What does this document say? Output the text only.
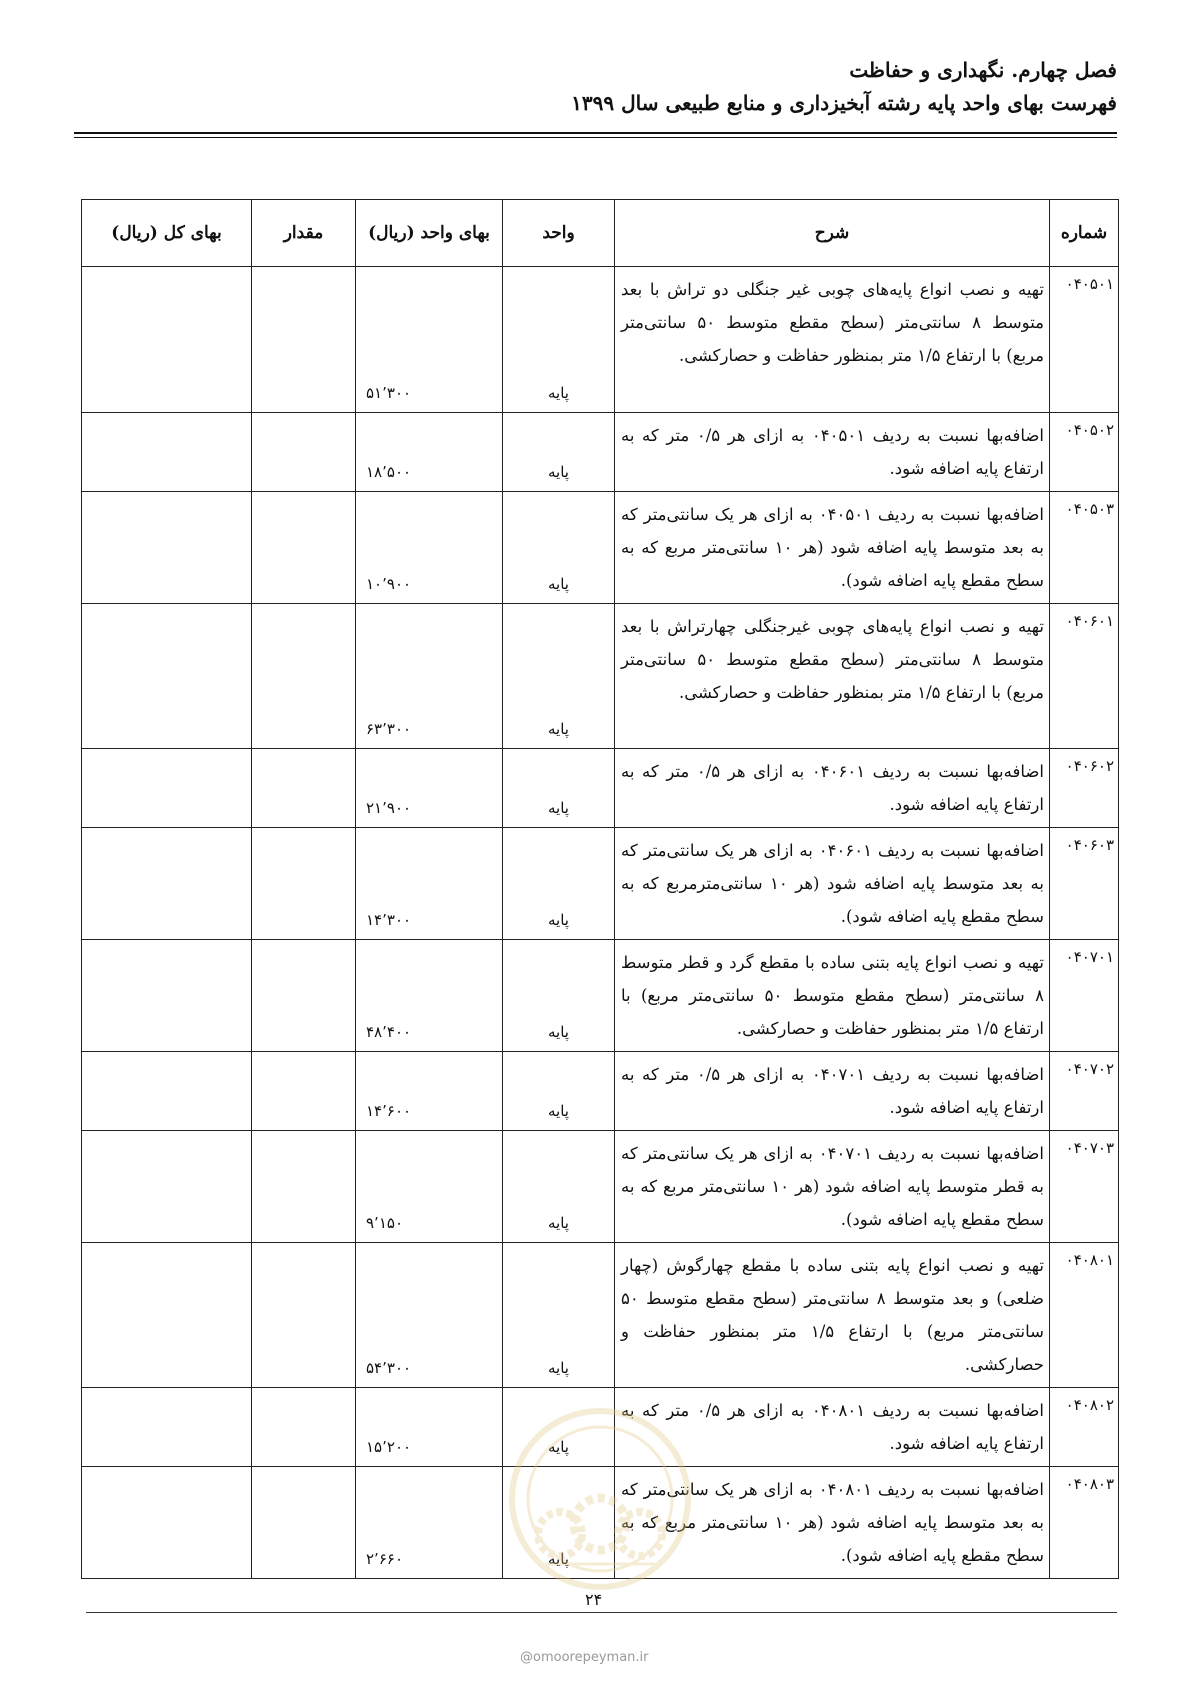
فصل چهارم. نگهداری و حفاظت

فهرست بهای واحد پایه رشته آبخیزداری و منابع طبیعی سال ۱۳۹۹

شماره	شرح	واحد	بهای واحد (ریال)	مقدار	بهای کل (ریال)
۰۴۰۵۰۱	تهیه و نصب انواع پایه‌های چوبی غیر جنگلی دو تراش با بعد متوسط ۸ سانتی‌متر (سطح مقطع متوسط ۵۰ سانتی‌متر مربع) با ارتفاع ۱/۵ متر بمنظور حفاظت و حصارکشی.	پایه	۵۱٬۳۰۰		
۰۴۰۵۰۲	اضافه‌بها نسبت به ردیف ۰۴۰۵۰۱ به ازای هر ۰/۵ متر که به ارتفاع پایه اضافه شود.	پایه	۱۸٬۵۰۰		
۰۴۰۵۰۳	اضافه‌بها نسبت به ردیف ۰۴۰۵۰۱ به ازای هر یک سانتی‌متر که به بعد متوسط پایه اضافه شود (هر ۱۰ سانتی‌متر مربع که به سطح مقطع پایه اضافه شود).	پایه	۱۰٬۹۰۰		
۰۴۰۶۰۱	تهیه و نصب انواع پایه‌های چوبی غیرجنگلی چهارتراش با بعد متوسط ۸ سانتی‌متر (سطح مقطع متوسط ۵۰ سانتی‌متر مربع) با ارتفاع ۱/۵ متر بمنظور حفاظت و حصارکشی.	پایه	۶۳٬۳۰۰		
۰۴۰۶۰۲	اضافه‌بها نسبت به ردیف ۰۴۰۶۰۱ به ازای هر ۰/۵ متر که به ارتفاع پایه اضافه شود.	پایه	۲۱٬۹۰۰		
۰۴۰۶۰۳	اضافه‌بها نسبت به ردیف ۰۴۰۶۰۱ به ازای هر یک سانتی‌متر که به بعد متوسط پایه اضافه شود (هر ۱۰ سانتی‌مترمربع که به سطح مقطع پایه اضافه شود).	پایه	۱۴٬۳۰۰		
۰۴۰۷۰۱	تهیه و نصب انواع پایه بتنی ساده با مقطع گرد و قطر متوسط ۸ سانتی‌متر (سطح مقطع متوسط ۵۰ سانتی‌متر مربع) با ارتفاع ۱/۵ متر بمنظور حفاظت و حصارکشی.	پایه	۴۸٬۴۰۰		
۰۴۰۷۰۲	اضافه‌بها نسبت به ردیف ۰۴۰۷۰۱ به ازای هر ۰/۵ متر که به ارتفاع پایه اضافه شود.	پایه	۱۴٬۶۰۰		
۰۴۰۷۰۳	اضافه‌بها نسبت به ردیف ۰۴۰۷۰۱ به ازای هر یک سانتی‌متر که به قطر متوسط پایه اضافه شود (هر ۱۰ سانتی‌متر مربع که به سطح مقطع پایه اضافه شود).	پایه	۹٬۱۵۰		
۰۴۰۸۰۱	تهیه و نصب انواع پایه بتنی ساده با مقطع چهارگوش (چهار ضلعی) و بعد متوسط ۸ سانتی‌متر (سطح مقطع متوسط ۵۰ سانتی‌متر مربع) با ارتفاع ۱/۵ متر بمنظور حفاظت و حصارکشی.	پایه	۵۴٬۳۰۰		
۰۴۰۸۰۲	اضافه‌بها نسبت به ردیف ۰۴۰۸۰۱ به ازای هر ۰/۵ متر که به ارتفاع پایه اضافه شود.	پایه	۱۵٬۲۰۰		
۰۴۰۸۰۳	اضافه‌بها نسبت به ردیف ۰۴۰۸۰۱ به ازای هر یک سانتی‌متر که به بعد متوسط پایه اضافه شود (هر ۱۰ سانتی‌متر مربع که به سطح مقطع پایه اضافه شود).	پایه	۲٬۶۶۰		
۲۴
@omoorepeyman.ir
